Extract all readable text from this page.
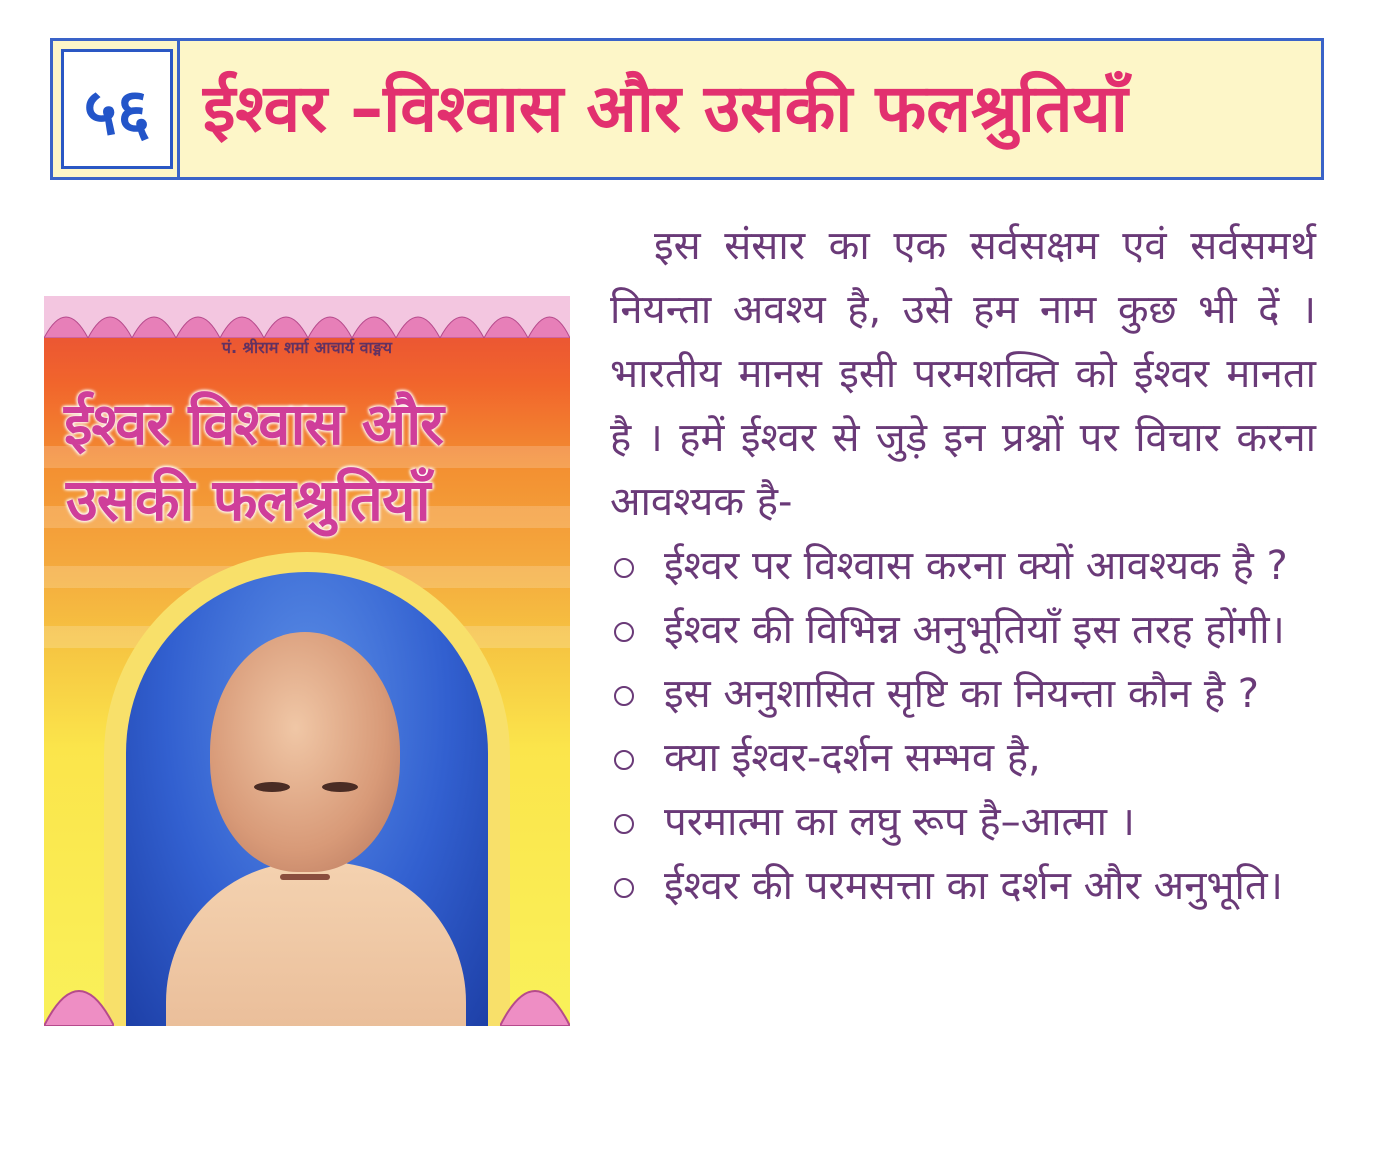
५६ ईश्वर –विश्वास और उसकी फलश्रुतियाँ
पं. श्रीराम शर्मा आचार्य वाङ्मय
ईश्वर विश्वास और
उसकी फलश्रुतियाँ

इस संसार का एक सर्वसक्षम एवं सर्वसमर्थ नियन्ता अवश्य है, उसे हम नाम कुछ भी दें । भारतीय मानस इसी परमशक्ति को ईश्वर मानता है । हमें ईश्वर से जुड़े इन प्रश्नों पर विचार करना आवश्यक है-

ईश्वर पर विश्वास करना क्यों आवश्यक है ?
ईश्वर की विभिन्न अनुभूतियाँ इस तरह होंगी।
इस अनुशासित सृष्टि का नियन्ता कौन है ?
क्या ईश्वर-दर्शन सम्भव है,
परमात्मा का लघु रूप है–आत्मा ।
ईश्वर की परमसत्ता का दर्शन और अनुभूति।
